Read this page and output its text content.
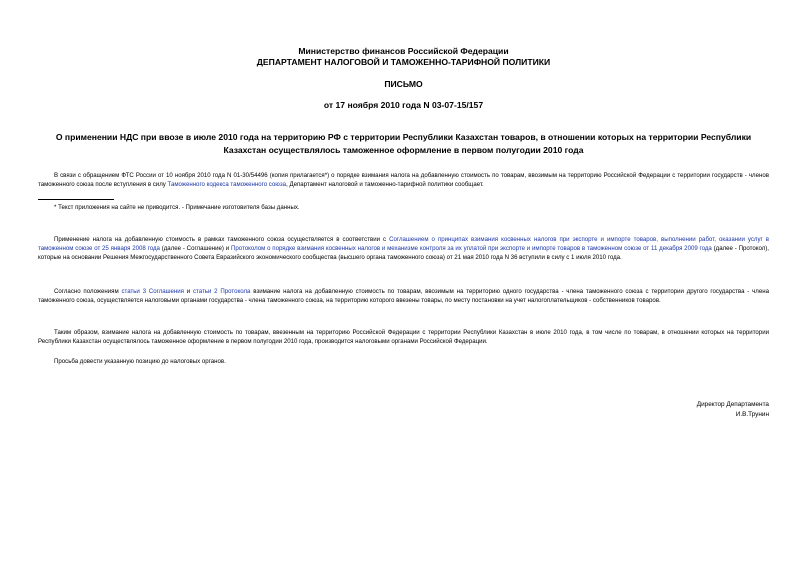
Министерство финансов Российской Федерации
ДЕПАРТАМЕНТ НАЛОГОВОЙ И ТАМОЖЕННО-ТАРИФНОЙ ПОЛИТИКИ
ПИСЬМО
от 17 ноября 2010 года N 03-07-15/157
О применении НДС при ввозе в июле 2010 года на территорию РФ с территории Республики Казахстан товаров, в отношении которых на территории Республики Казахстан осуществлялось таможенное оформление в первом полугодии 2010 года
В связи с обращением ФТС России от 10 ноября 2010 года N 01-30/54496 (копия прилагается*) о порядке взимания налога на добавленную стоимость по товарам, ввозимым на территорию Российской Федерации с территории государств - членов таможенного союза после вступления в силу Таможенного кодекса таможенного союза, Департамент налоговой и таможенно-тарифной политики сообщает.
* Текст приложения на сайте не приводится. - Примечание изготовителя базы данных.
Применение налога на добавленную стоимость в рамках таможенного союза осуществляется в соответствии с Соглашением о принципах взимания косвенных налогов при экспорте и импорте товаров, выполнении работ, оказании услуг в таможенном союзе от 25 января 2008 года (далее - Соглашение) и Протоколом о порядке взимания косвенных налогов и механизме контроля за их уплатой при экспорте и импорте товаров в таможенном союзе от 11 декабря 2009 года (далее - Протокол), которые на основании Решения Межгосударственного Совета Евразийского экономического сообщества (высшего органа таможенного союза) от 21 мая 2010 года N 36 вступили в силу с 1 июля 2010 года.
Согласно положениям статьи 3 Соглашения и статьи 2 Протокола взимание налога на добавленную стоимость по товарам, ввозимым на территорию одного государства - члена таможенного союза с территории другого государства - члена таможенного союза, осуществляется налоговыми органами государства - члена таможенного союза, на территорию которого ввезены товары, по месту постановки на учет налогоплательщиков - собственников товаров.
Таким образом, взимание налога на добавленную стоимость по товарам, ввезенным на территорию Российской Федерации с территории Республики Казахстан в июле 2010 года, в том числе по товарам, в отношении которых на территории Республики Казахстан осуществлялось таможенное оформление в первом полугодии 2010 года, производится налоговыми органами Российской Федерации.
Просьба довести указанную позицию до налоговых органов.
Директор Департамента
И.В.Трунин
